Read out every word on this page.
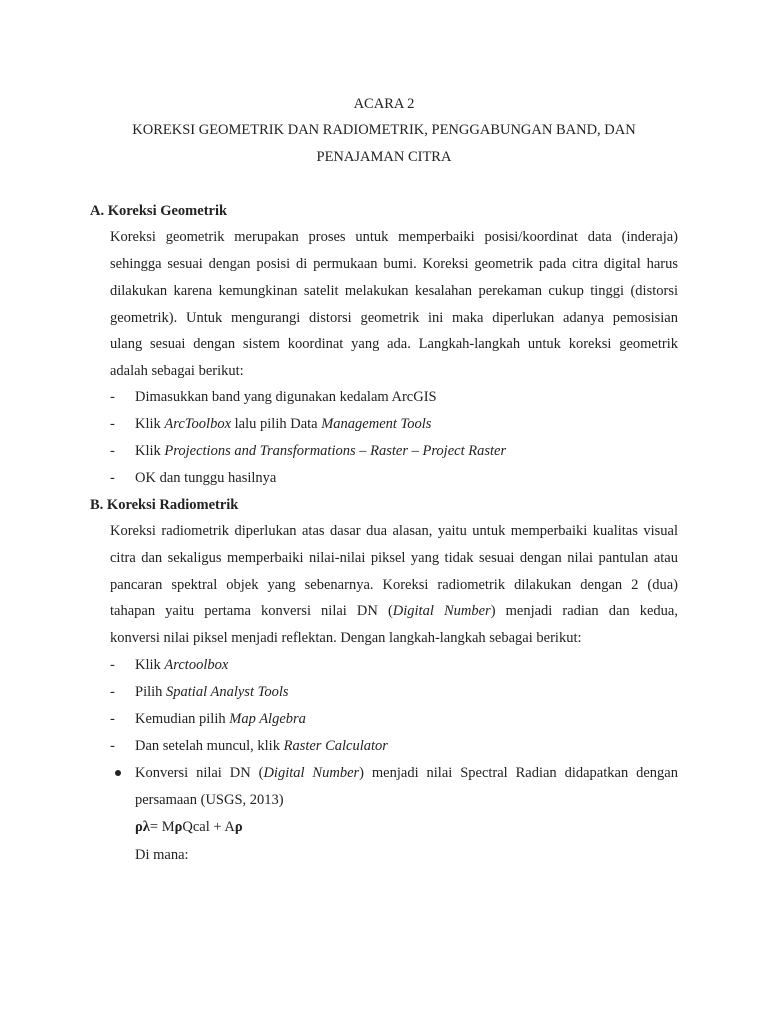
ACARA 2
KOREKSI GEOMETRIK DAN RADIOMETRIK, PENGGABUNGAN BAND, DAN
PENAJAMAN CITRA
A. Koreksi Geometrik
Koreksi geometrik merupakan proses untuk memperbaiki posisi/koordinat data (inderaja)
sehingga sesuai dengan posisi di permukaan bumi. Koreksi geometrik pada citra digital harus
dilakukan karena kemungkinan satelit melakukan kesalahan perekaman cukup tinggi (distorsi
geometrik). Untuk mengurangi distorsi geometrik ini maka diperlukan adanya pemosisian
ulang sesuai dengan sistem koordinat yang ada. Langkah-langkah untuk koreksi geometrik
adalah sebagai berikut:
- Dimasukkan band yang digunakan kedalam ArcGIS
- Klik ArcToolbox lalu pilih Data Management Tools
- Klik Projections and Transformations – Raster – Project Raster
- OK dan tunggu hasilnya
B. Koreksi Radiometrik
Koreksi radiometrik diperlukan atas dasar dua alasan, yaitu untuk memperbaiki kualitas visual
citra dan sekaligus memperbaiki nilai-nilai piksel yang tidak sesuai dengan nilai pantulan atau
pancaran spektral objek yang sebenarnya. Koreksi radiometrik dilakukan dengan 2 (dua)
tahapan yaitu pertama konversi nilai DN (Digital Number) menjadi radian dan kedua,
konversi nilai piksel menjadi reflektan. Dengan langkah-langkah sebagai berikut:
- Klik Arctoolbox
- Pilih Spatial Analyst Tools
- Kemudian pilih Map Algebra
- Dan setelah muncul, klik Raster Calculator
Konversi nilai DN (Digital Number) menjadi nilai Spectral Radian didapatkan dengan
persamaan (USGS, 2013)
ρλ= MρQcal + Aρ
Di mana:
